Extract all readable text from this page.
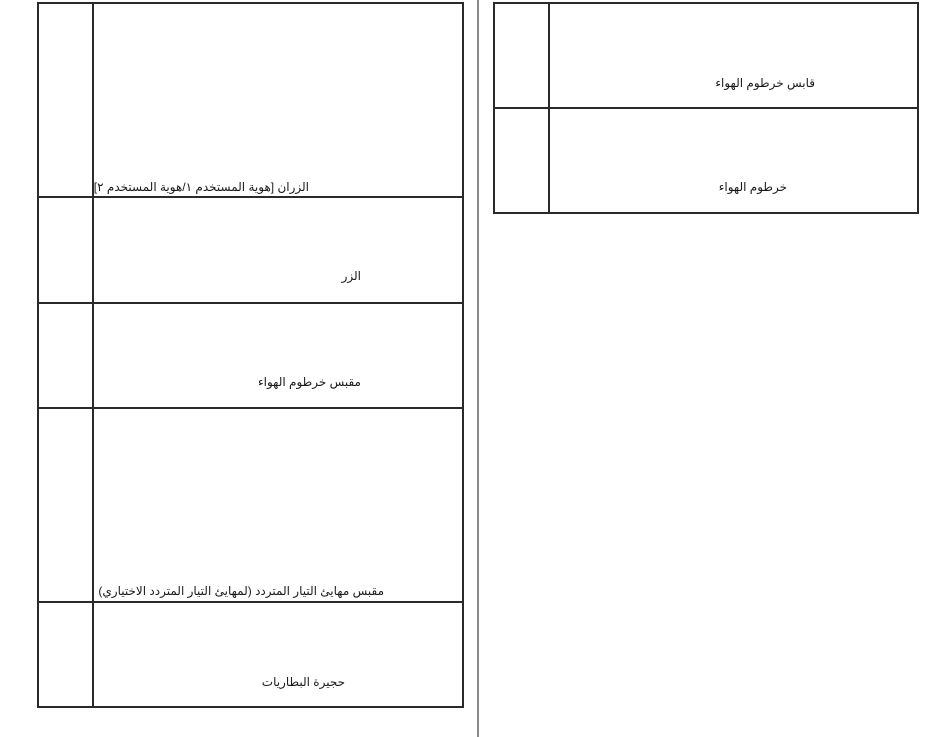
الزران [هوية المستخدم ١/هوية المستخدم ٢]
الزر
مقبس خرطوم الهواء
مقبس مهايئ التيار المتردد (لمهايئ التيار المتردد الاختياري)
حجيرة البطاريات
قابس خرطوم الهواء
خرطوم الهواء
